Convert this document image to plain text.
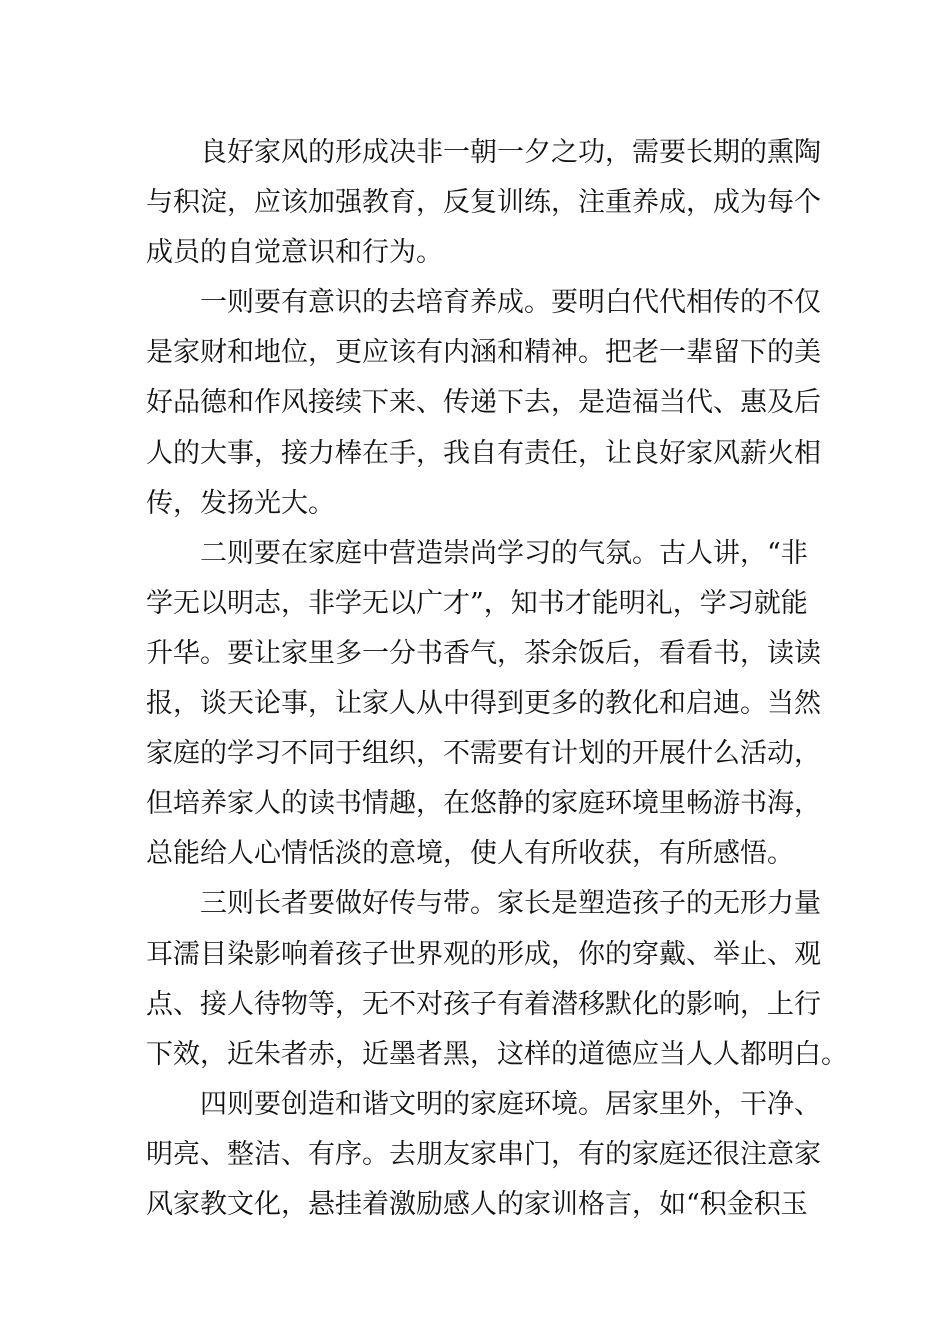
良好家风的形成决非一朝一夕之功，需要长期的熏陶
与积淀，应该加强教育，反复训练，注重养成，成为每个
成员的自觉意识和行为。
一则要有意识的去培育养成。要明白代代相传的不仅
是家财和地位，更应该有内涵和精神。把老一辈留下的美
好品德和作风接续下来、传递下去，是造福当代、惠及后
人的大事，接力棒在手，我自有责任，让良好家风薪火相
传，发扬光大。
二则要在家庭中营造崇尚学习的气氛。古人讲，“非
学无以明志，非学无以广才”，知书才能明礼，学习就能
升华。要让家里多一分书香气，茶余饭后，看看书，读读
报，谈天论事，让家人从中得到更多的教化和启迪。当然
家庭的学习不同于组织，不需要有计划的开展什么活动，
但培养家人的读书情趣，在悠静的家庭环境里畅游书海，
总能给人心情恬淡的意境，使人有所收获，有所感悟。
三则长者要做好传与带。家长是塑造孩子的无形力量
耳濡目染影响着孩子世界观的形成，你的穿戴、举止、观
点、接人待物等，无不对孩子有着潜移默化的影响，上行
下效，近朱者赤，近墨者黑，这样的道德应当人人都明白。
四则要创造和谐文明的家庭环境。居家里外，干净、
明亮、整洁、有序。去朋友家串门，有的家庭还很注意家
风家教文化，悬挂着激励感人的家训格言，如“积金积玉
